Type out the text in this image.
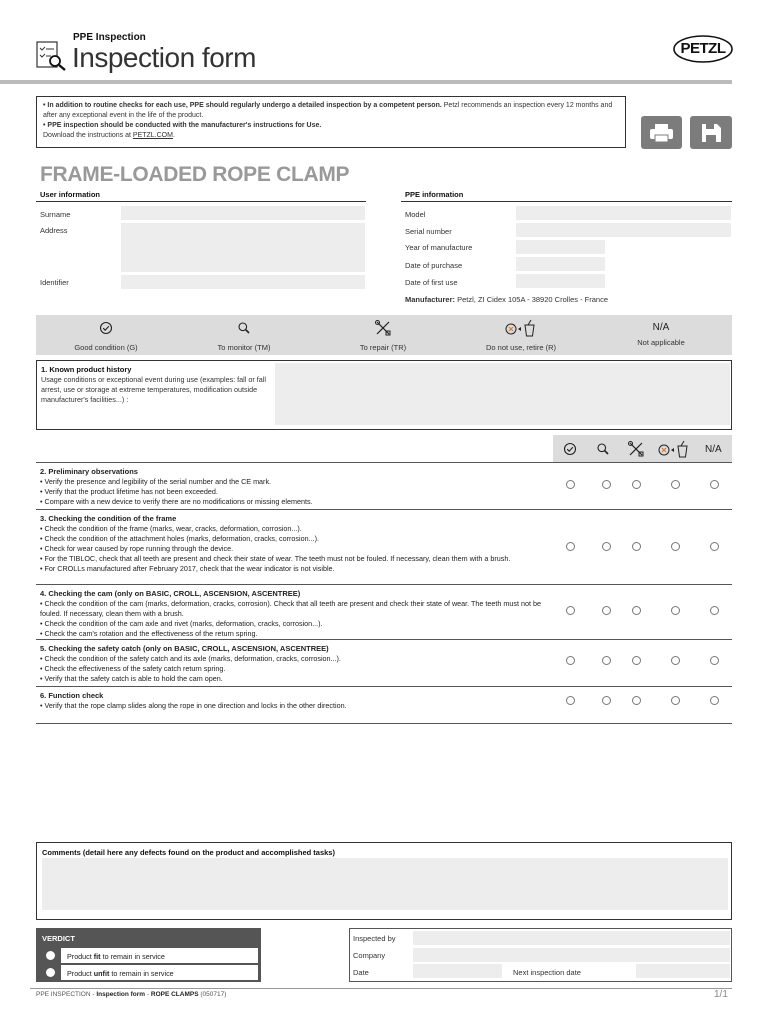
PPE Inspection
Inspection form	PETZL
• In addition to routine checks for each use, PPE should regularly undergo a detailed inspection by a competent person. Petzl recommends an inspection every 12 months and after any exceptional event in the life of the product.
• PPE inspection should be conducted with the manufacturer's instructions for Use.
Download the instructions at PETZL.COM.
FRAME-LOADED ROPE CLAMP
User information
Surname
Address
Identifier
PPE information
Model
Serial number
Year of manufacture
Date of purchase
Date of first use
Manufacturer: Petzl, ZI Cidex 105A - 38920 Crolles - France
Good condition (G)	To monitor (TM)	To repair (TR)	Do not use, retire (R)
N/A
Not applicable
1. Known product history
Usage conditions or exceptional event during use (examples: fall or fall arrest, use or storage at extreme temperatures, modification outside manufacturer's facilities...) :
N/A
2. Preliminary observations
• Verify the presence and legibility of the serial number and the CE mark.
• Verify that the product lifetime has not been exceeded.
• Compare with a new device to verify there are no modifications or missing elements.
3. Checking the condition of the frame
• Check the condition of the frame (marks, wear, cracks, deformation, corrosion...).
• Check the condition of the attachment holes (marks, deformation, cracks, corrosion...).
• Check for wear caused by rope running through the device.
• For the TIBLOC, check that all teeth are present and check their state of wear. The teeth must not be fouled. If necessary, clean them with a brush.
• For CROLLs manufactured after February 2017, check that the wear indicator is not visible.
4. Checking the cam (only on BASIC, CROLL, ASCENSION, ASCENTREE)
• Check the condition of the cam (marks, deformation, cracks, corrosion). Check that all teeth are present and check their state of wear. The teeth must not be fouled. If necessary, clean them with a brush.
• Check the condition of the cam axle and rivet (marks, deformation, cracks, corrosion...).
• Check the cam's rotation and the effectiveness of the return spring.
5. Checking the safety catch (only on BASIC, CROLL, ASCENSION, ASCENTREE)
• Check the condition of the safety catch and its axle (marks, deformation, cracks, corrosion...).
• Check the effectiveness of the safety catch return spring.
• Verify that the safety catch is able to hold the cam open.
6. Function check
• Verify that the rope clamp slides along the rope in one direction and locks in the other direction.
Comments (detail here any defects found on the product and accomplished tasks)
VERDICT
Product fit to remain in service
Product unfit to remain in service
Inspected by
Company
Date	Next inspection date
PPE INSPECTION - Inspection form - ROPE CLAMPS (050717)	1/1
